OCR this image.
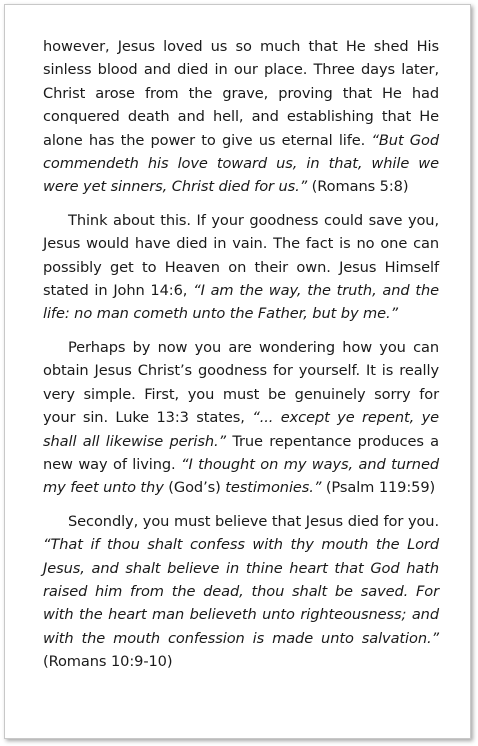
however, Jesus loved us so much that He shed His sinless blood and died in our place. Three days later, Christ arose from the grave, proving that He had conquered death and hell, and establishing that He alone has the power to give us eternal life. “But God commendeth his love toward us, in that, while we were yet sinners, Christ died for us.” (Romans 5:8)

Think about this. If your goodness could save you, Jesus would have died in vain. The fact is no one can possibly get to Heaven on their own. Jesus Himself stated in John 14:6, “I am the way, the truth, and the life: no man cometh unto the Father, but by me.”

Perhaps by now you are wondering how you can obtain Jesus Christ’s goodness for yourself. It is really very simple. First, you must be genuinely sorry for your sin. Luke 13:3 states, “... except ye repent, ye shall all likewise perish.” True repentance produces a new way of living. “I thought on my ways, and turned my feet unto thy (God’s) testimonies.” (Psalm 119:59)

Secondly, you must believe that Jesus died for you. “That if thou shalt confess with thy mouth the Lord Jesus, and shalt believe in thine heart that God hath raised him from the dead, thou shalt be saved. For with the heart man believeth unto righteousness; and with the mouth confession is made unto salvation.” (Romans 10:9-10)
